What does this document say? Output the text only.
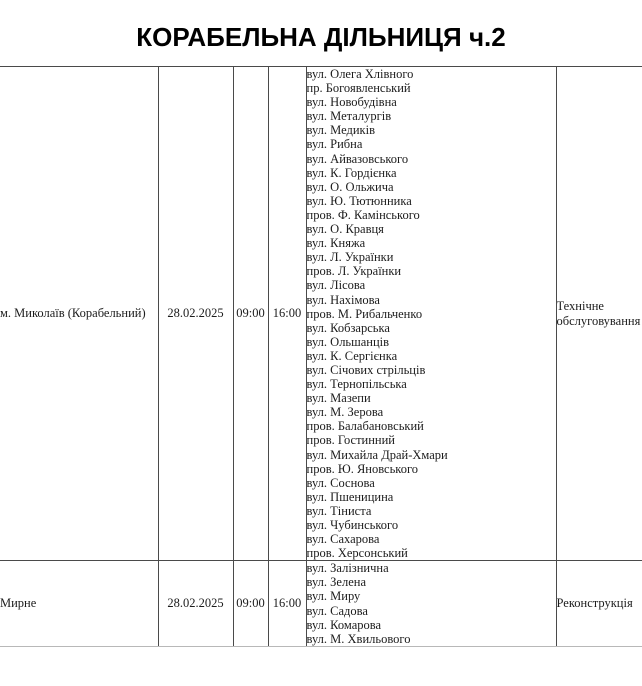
КОРАБЕЛЬНА ДІЛЬНИЦЯ ч.2
м. Миколаїв (Корабельний)	28.02.2025	09:00	16:00	
вул. Олега Хлівного
пр. Богоявленський
вул. Новобудівна
вул. Металургів
вул. Медиків
вул. Рибна
вул. Айвазовського
вул. К. Гордієнка
вул. О. Ольжича
вул. Ю. Тютюнника
пров. Ф. Камінського
вул. О. Кравця
вул. Княжа
вул. Л. Українки
пров. Л. Українки
вул. Лісова
вул. Нахімова
пров. М. Рибальченко
вул. Кобзарська
вул. Ольшанців
вул. К. Сергієнка
вул. Січових стрільців
вул. Тернопільська
вул. Мазепи
вул. М. Зерова
пров. Балабановський
пров. Гостинний
вул. Михайла Драй-Хмари
пров. Ю. Яновського
вул. Соснова
вул. Пшеницина
вул. Тіниста
вул. Чубинського
вул. Сахарова
пров. Херсонський
	Технічне обслуговування
Мирне	28.02.2025	09:00	16:00	
вул. Залізнична
вул. Зелена
вул. Миру
вул. Садова
вул. Комарова
вул. М. Хвильового
	Реконструкція
